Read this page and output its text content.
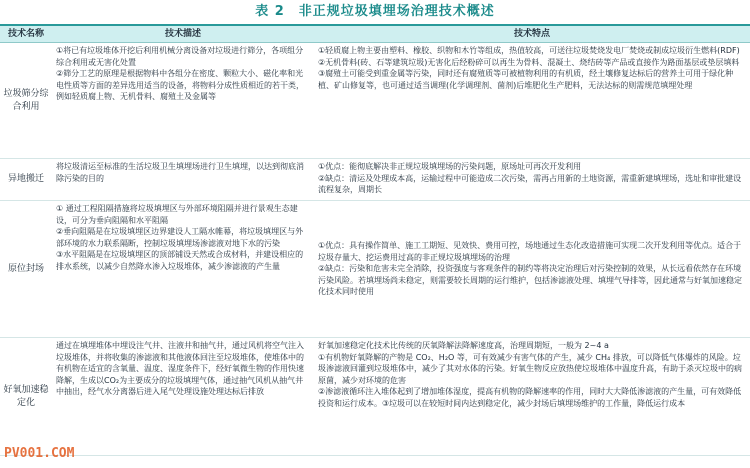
表 2　非正规垃圾填埋场治理技术概述
技术名称	技术描述	技术特点
垃圾筛分综合利用

①将已有垃圾堆体开挖后利用机械分离设备对垃圾进行筛分，各项组分综合利用或无害化处置

②筛分工艺的原理是根据物料中各组分在密度、颗粒大小、磁化率和光电性质等方面的差异选用适当的设备，将物料分成性质相近的若干类，例如轻质腐上物、无机骨料、腐殖土及金属等

①轻质腐上物主要由塑料、橡胶、织物和木竹等组成，热值较高，可送往垃圾焚烧发电厂焚烧或制成垃圾衍生燃料(RDF)

②无机骨料(砖、石等建筑垃圾)无害化后经粉碎可以再生为骨料、混凝土、烧结砖等产品或直接作为路面基层或垫层填料

③腐殖土可能受到重金属等污染，同时还有腐殖质等可被植物利用的有机质，经土壤修复达标后的营养土可用于绿化种植、矿山修复等，也可通过适当调理(化学调理剂、菌剂)后堆肥化生产肥料，无法达标的则需规范填埋处理

异地搬迁

将垃圾清运至标准的生活垃圾卫生填埋场进行卫生填埋，以达到彻底消除污染的目的

①优点：能彻底解决非正规垃圾填埋场的污染问题，原场址可再次开发利用

②缺点：清运及处理成本高，运输过程中可能造成二次污染，需再占用新的土地资源，需重新建填埋场，选址和审批建设流程复杂，周期长

原位封场

① 通过工程阻隔措施将垃圾填埋区与外部环境阻隔并进行景观生态建设，可分为垂向阻隔和水平阻隔

②垂向阻隔是在垃圾填埋区边界建设人工隔水帷幕，将垃圾填埋区与外部环境的水力联系隔断，控制垃圾填埋场渗滤液对地下水的污染

③水平阻隔是在垃圾填埋区的顶部铺设天然或合成材料，并建设相应的排水系统，以减少自然降水渗入垃圾堆体，减少渗滤液的产生量

①优点：具有操作简单、施工工期短、见效快、费用可控，场地通过生态化改造措施可实现二次开发利用等优点。适合于垃圾存量大、挖运费用过高的非正规垃圾填埋场的治理

②缺点：污染和危害未完全消除，投资强度与客观条件的制约等将决定治理后对污染控制的效果，从长远看依然存在环境污染风险。若填埋场尚未稳定，则需要较长周期的运行维护，包括渗滤液处理、填埋气导排等，因此通常与好氧加速稳定化技术同时使用

好氧加速稳定化

通过在填埋堆体中埋设注气井、注液井和抽气井，通过风机将空气注入垃圾堆体，并将收集的渗滤液和其他液体回注至垃圾堆体，使堆体中的有机物在适宜的含氧量、温度、湿度条件下，经好氧微生物的作用快速降解，生成以CO₂为主要成分的垃圾填埋气体，通过抽气风机从抽气井中抽出，经气水分离器后进入尾气处理设施处理达标后排放

好氧加速稳定化技术比传统的厌氧降解法降解速度高，治理周期短，一般为 2~4 a

①有机物好氧降解的产物是 CO₂、H₂O 等，可有效减少有害气体的产生，减少 CH₄ 排放，可以降低气体爆炸的风险。垃圾渗滤液回灌到垃圾堆体中，减少了其对水体的污染。好氧生物反应放热使垃圾堆体中温度升高，有助于杀灭垃圾中的病原菌，减少对环境的危害

②渗滤液循环注入堆体起到了增加堆体湿度，提高有机物的降解速率的作用，同时大大降低渗滤液的产生量，可有效降低投资和运行成本。③垃圾可以在较短时间内达到稳定化，减少封场后填埋场维护的工作量，降低运行成本

PV001.COM
